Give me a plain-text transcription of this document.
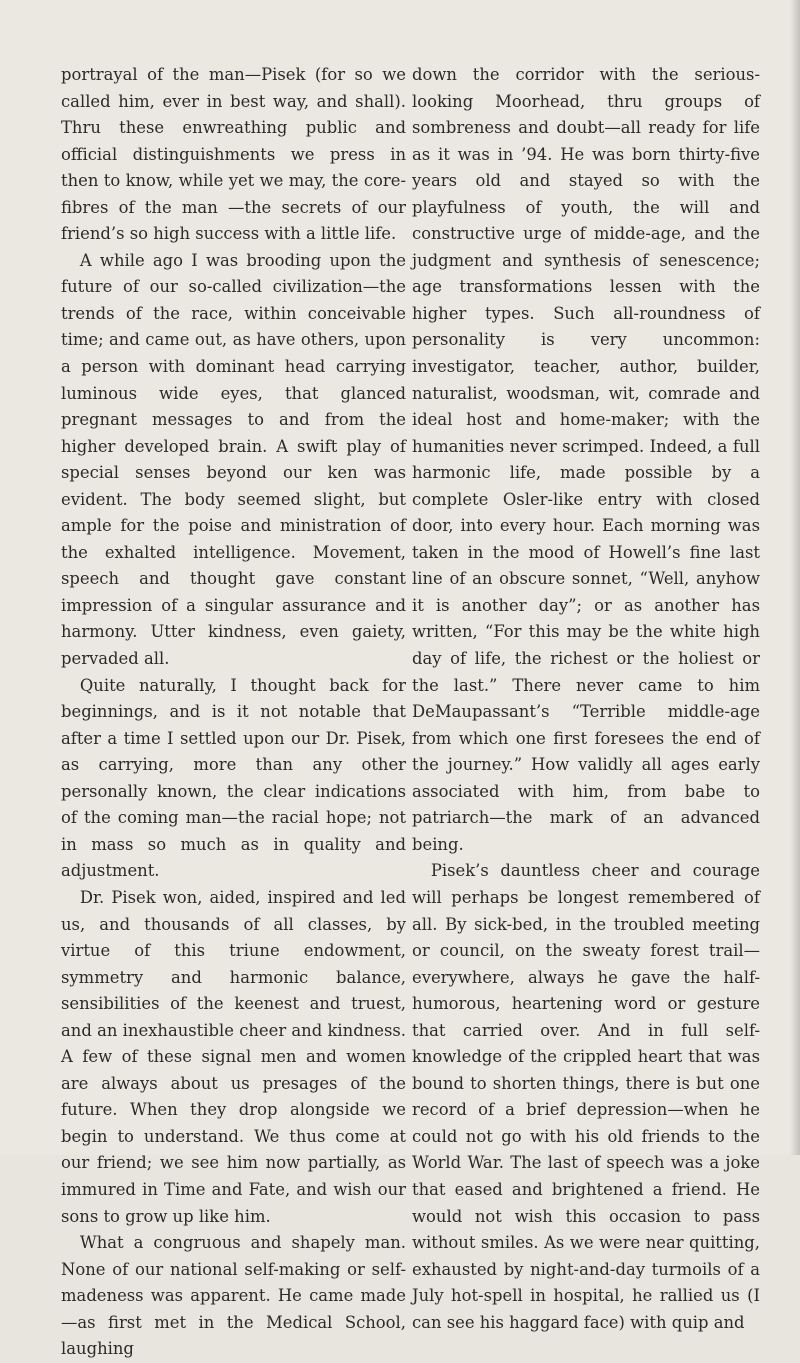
portrayal of the man—Pisek (for so we called him, ever in best way, and shall). Thru these enwreathing public and official distinguishments we press in then to know, while yet we may, the core-fibres of the man —the secrets of our friend’s so high success with a little life.

A while ago I was brooding upon the future of our so-called civilization—the trends of the race, within conceivable time; and came out, as have others, upon a person with dominant head carrying luminous wide eyes, that glanced pregnant messages to and from the higher developed brain. A swift play of special senses beyond our ken was evident. The body seemed slight, but ample for the poise and ministration of the exhalted intelligence. Movement, speech and thought gave constant impression of a singular assurance and harmony. Utter kindness, even gaiety, pervaded all.

Quite naturally, I thought back for beginnings, and is it not notable that after a time I settled upon our Dr. Pisek, as carrying, more than any other personally known, the clear indications of the coming man—the racial hope; not in mass so much as in quality and adjustment.

Dr. Pisek won, aided, inspired and led us, and thousands of all classes, by virtue of this triune endowment, symmetry and harmonic balance, sensibilities of the keenest and truest, and an inexhaustible cheer and kindness. A few of these signal men and women are always about us presages of the future. When they drop alongside we begin to understand. We thus come at our friend; we see him now partially, as immured in Time and Fate, and wish our sons to grow up like him.

What a congruous and shapely man. None of our national self-making or self-madeness was apparent. He came made—as first met in the Medical School, laughing

down the corridor with the serious-looking Moorhead, thru groups of sombreness and doubt—all ready for life as it was in ’94. He was born thirty-five years old and stayed so with the playfulness of youth, the will and constructive urge of midde-age, and the judgment and synthesis of senescence; age transformations lessen with the higher types. Such all-roundness of personality is very uncommon: investigator, teacher, author, builder, naturalist, woodsman, wit, comrade and ideal host and home-maker; with the humanities never scrimped. Indeed, a full harmonic life, made possible by a complete Osler-like entry with closed door, into every hour. Each morning was taken in the mood of Howell’s fine last line of an obscure sonnet, “Well, anyhow it is another day”; or as another has written, “For this may be the white high day of life, the richest or the holiest or the last.” There never came to him DeMaupassant’s “Terrible middle-age from which one first foresees the end of the journey.” How validly all ages early associated with him, from babe to patriarch—the mark of an advanced being.

Pisek’s dauntless cheer and courage will perhaps be longest remembered of all. By sick-bed, in the troubled meeting or council, on the sweaty forest trail—everywhere, always he gave the half-humorous, heartening word or gesture that carried over. And in full self-knowledge of the crippled heart that was bound to shorten things, there is but one record of a brief depression—when he could not go with his old friends to the World War. The last of speech was a joke that eased and brightened a friend. He would not wish this occasion to pass without smiles. As we were near quitting, exhausted by night-and-day turmoils of a July hot-spell in hospital, he rallied us (I can see his haggard face) with quip and
